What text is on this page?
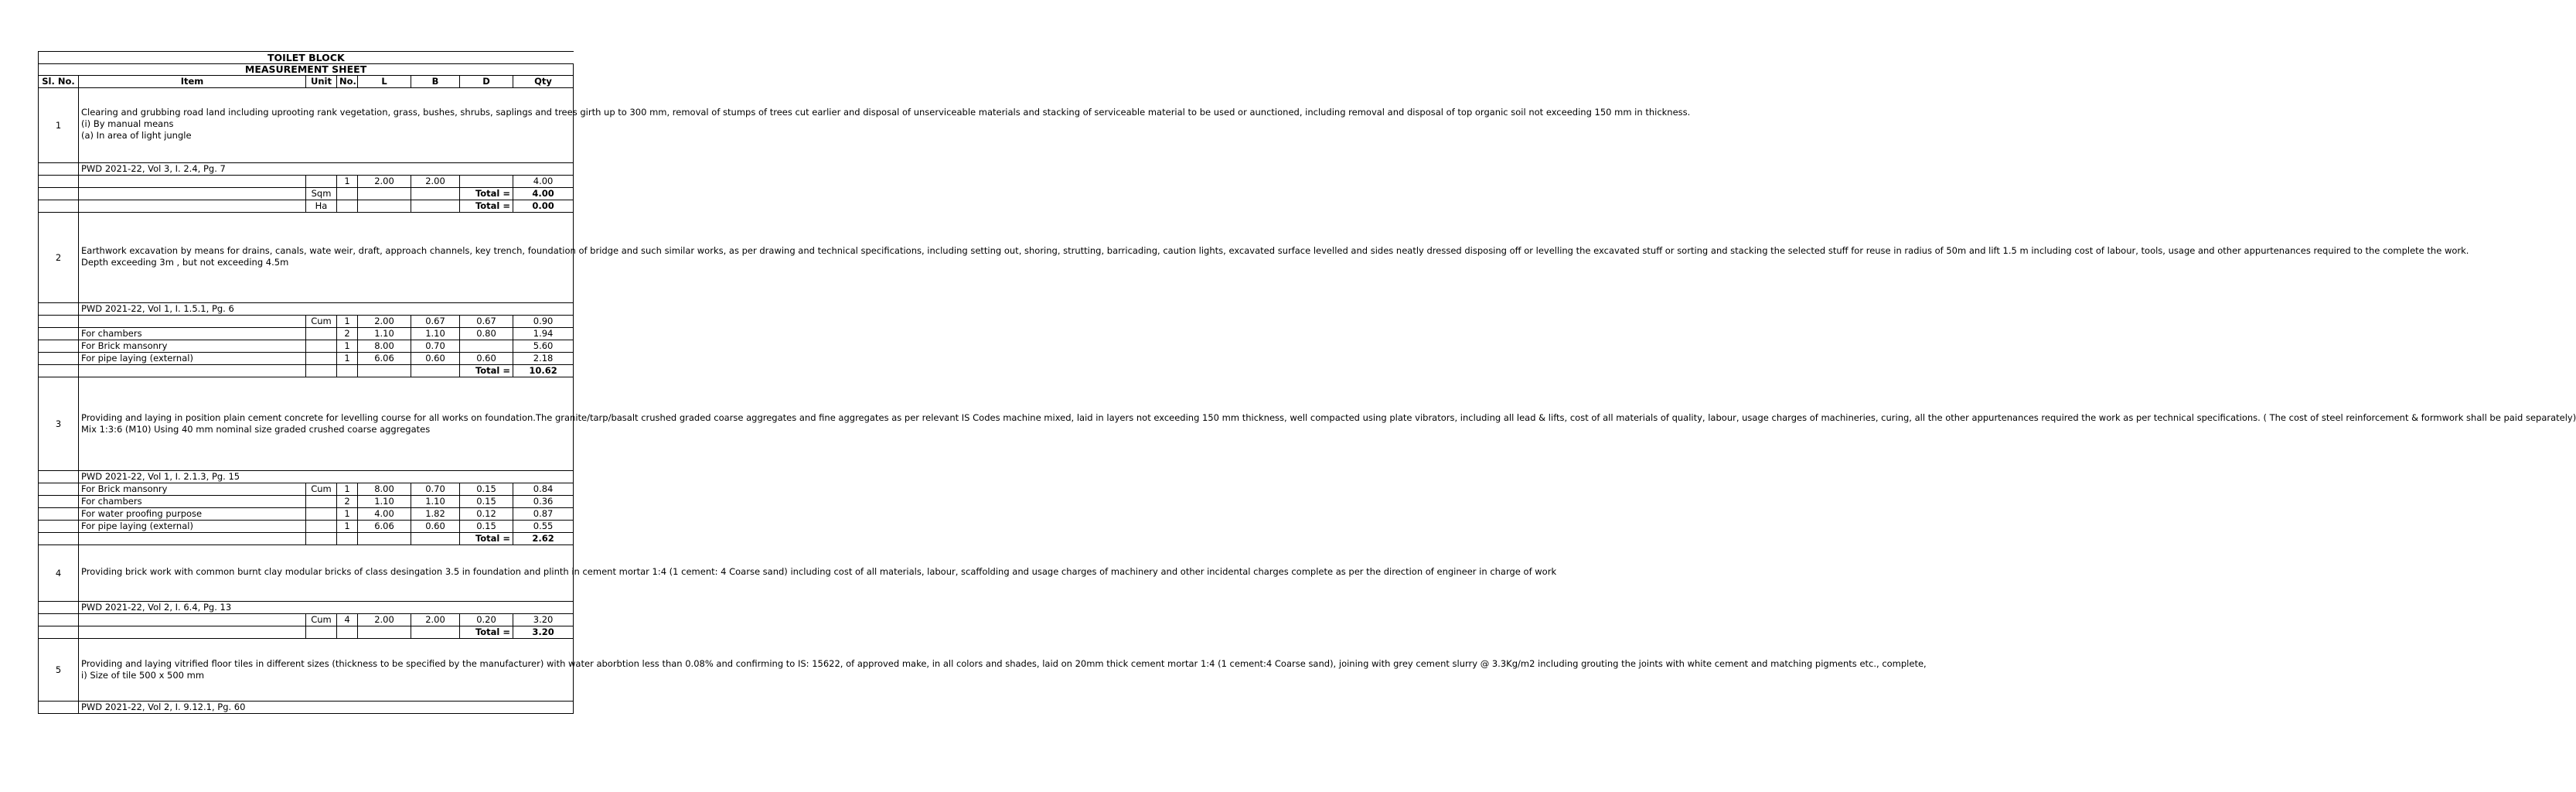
TOILET BLOCK							
MEASUREMENT SHEET							
Sl. No.	Item	Unit	No.	L	B	D	Qty
1	Clearing and grubbing road land including uprooting rank vegetation, grass, bushes, shrubs, saplings and trees girth up to 300 mm, removal of stumps of trees cut earlier and disposal of unserviceable materials and stacking of serviceable material to be used or aunctioned, including removal and disposal of top organic soil not exceeding 150 mm in thickness.
(i) By manual means
(a) In area of light jungle						

	PWD 2021-22, Vol 3, I. 2.4, Pg. 7						
			1	2.00	2.00		4.00
		Sqm				Total =	4.00
		Ha				Total =	0.00
2	Earthwork excavation by means for drains, canals, wate weir, draft, approach channels, key trench, foundation of bridge and such similar works, as per drawing and technical specifications, including setting out, shoring, strutting, barricading, caution lights, excavated surface levelled and sides neatly dressed disposing off or levelling the excavated stuff or sorting and stacking the selected stuff for reuse in radius of 50m and lift 1.5 m including cost of labour, tools, usage and other appurtenances required to the complete the work.
Depth exceeding 3m , but not exceeding 4.5m						

	PWD 2021-22, Vol 1, I. 1.5.1, Pg. 6						
		Cum	1	2.00	0.67	0.67	0.90
	For chambers		2	1.10	1.10	0.80	1.94
	For Brick mansonry		1	8.00	0.70		5.60
	For pipe laying (external)		1	6.06	0.60	0.60	2.18
						Total =	10.62
3	Providing and laying in position plain cement concrete for levelling course for all works on foundation.The granite/tarp/basalt crushed graded coarse aggregates and fine aggregates as per relevant IS Codes machine mixed, laid in layers not exceeding 150 mm thickness, well compacted using plate vibrators, including all lead & lifts, cost of all materials of quality, labour, usage charges of machineries, curing, all the other appurtenances required the work as per technical specifications. ( The cost of steel reinforcement & formwork shall be paid separately)
Mix 1:3:6 (M10) Using 40 mm nominal size graded crushed coarse aggregates						

	PWD 2021-22, Vol 1, I. 2.1.3, Pg. 15						
	For Brick mansonry	Cum	1	8.00	0.70	0.15	0.84
	For chambers		2	1.10	1.10	0.15	0.36
	For water proofing purpose		1	4.00	1.82	0.12	0.87
	For pipe laying (external)		1	6.06	0.60	0.15	0.55
						Total =	2.62
4	Providing brick work with common burnt clay modular bricks of class desingation 3.5 in foundation and plinth in cement mortar 1:4 (1 cement: 4 Coarse sand) including cost of all materials, labour, scaffolding and usage charges of machinery and other incidental charges complete as per the direction of engineer in charge of work						

	PWD 2021-22, Vol 2, I. 6.4, Pg. 13						
		Cum	4	2.00	2.00	0.20	3.20
						Total =	3.20
5	Providing and laying vitrified floor tiles in different sizes (thickness to be specified by the manufacturer) with water aborbtion less than 0.08% and confirming to IS: 15622, of approved make, in all colors and shades, laid on 20mm thick cement mortar 1:4 (1 cement:4 Coarse sand), joining with grey cement slurry @ 3.3Kg/m2 including grouting the joints with white cement and matching pigments etc., complete,
i) Size of tile 500 x 500 mm						

	PWD 2021-22, Vol 2, I. 9.12.1, Pg. 60						
